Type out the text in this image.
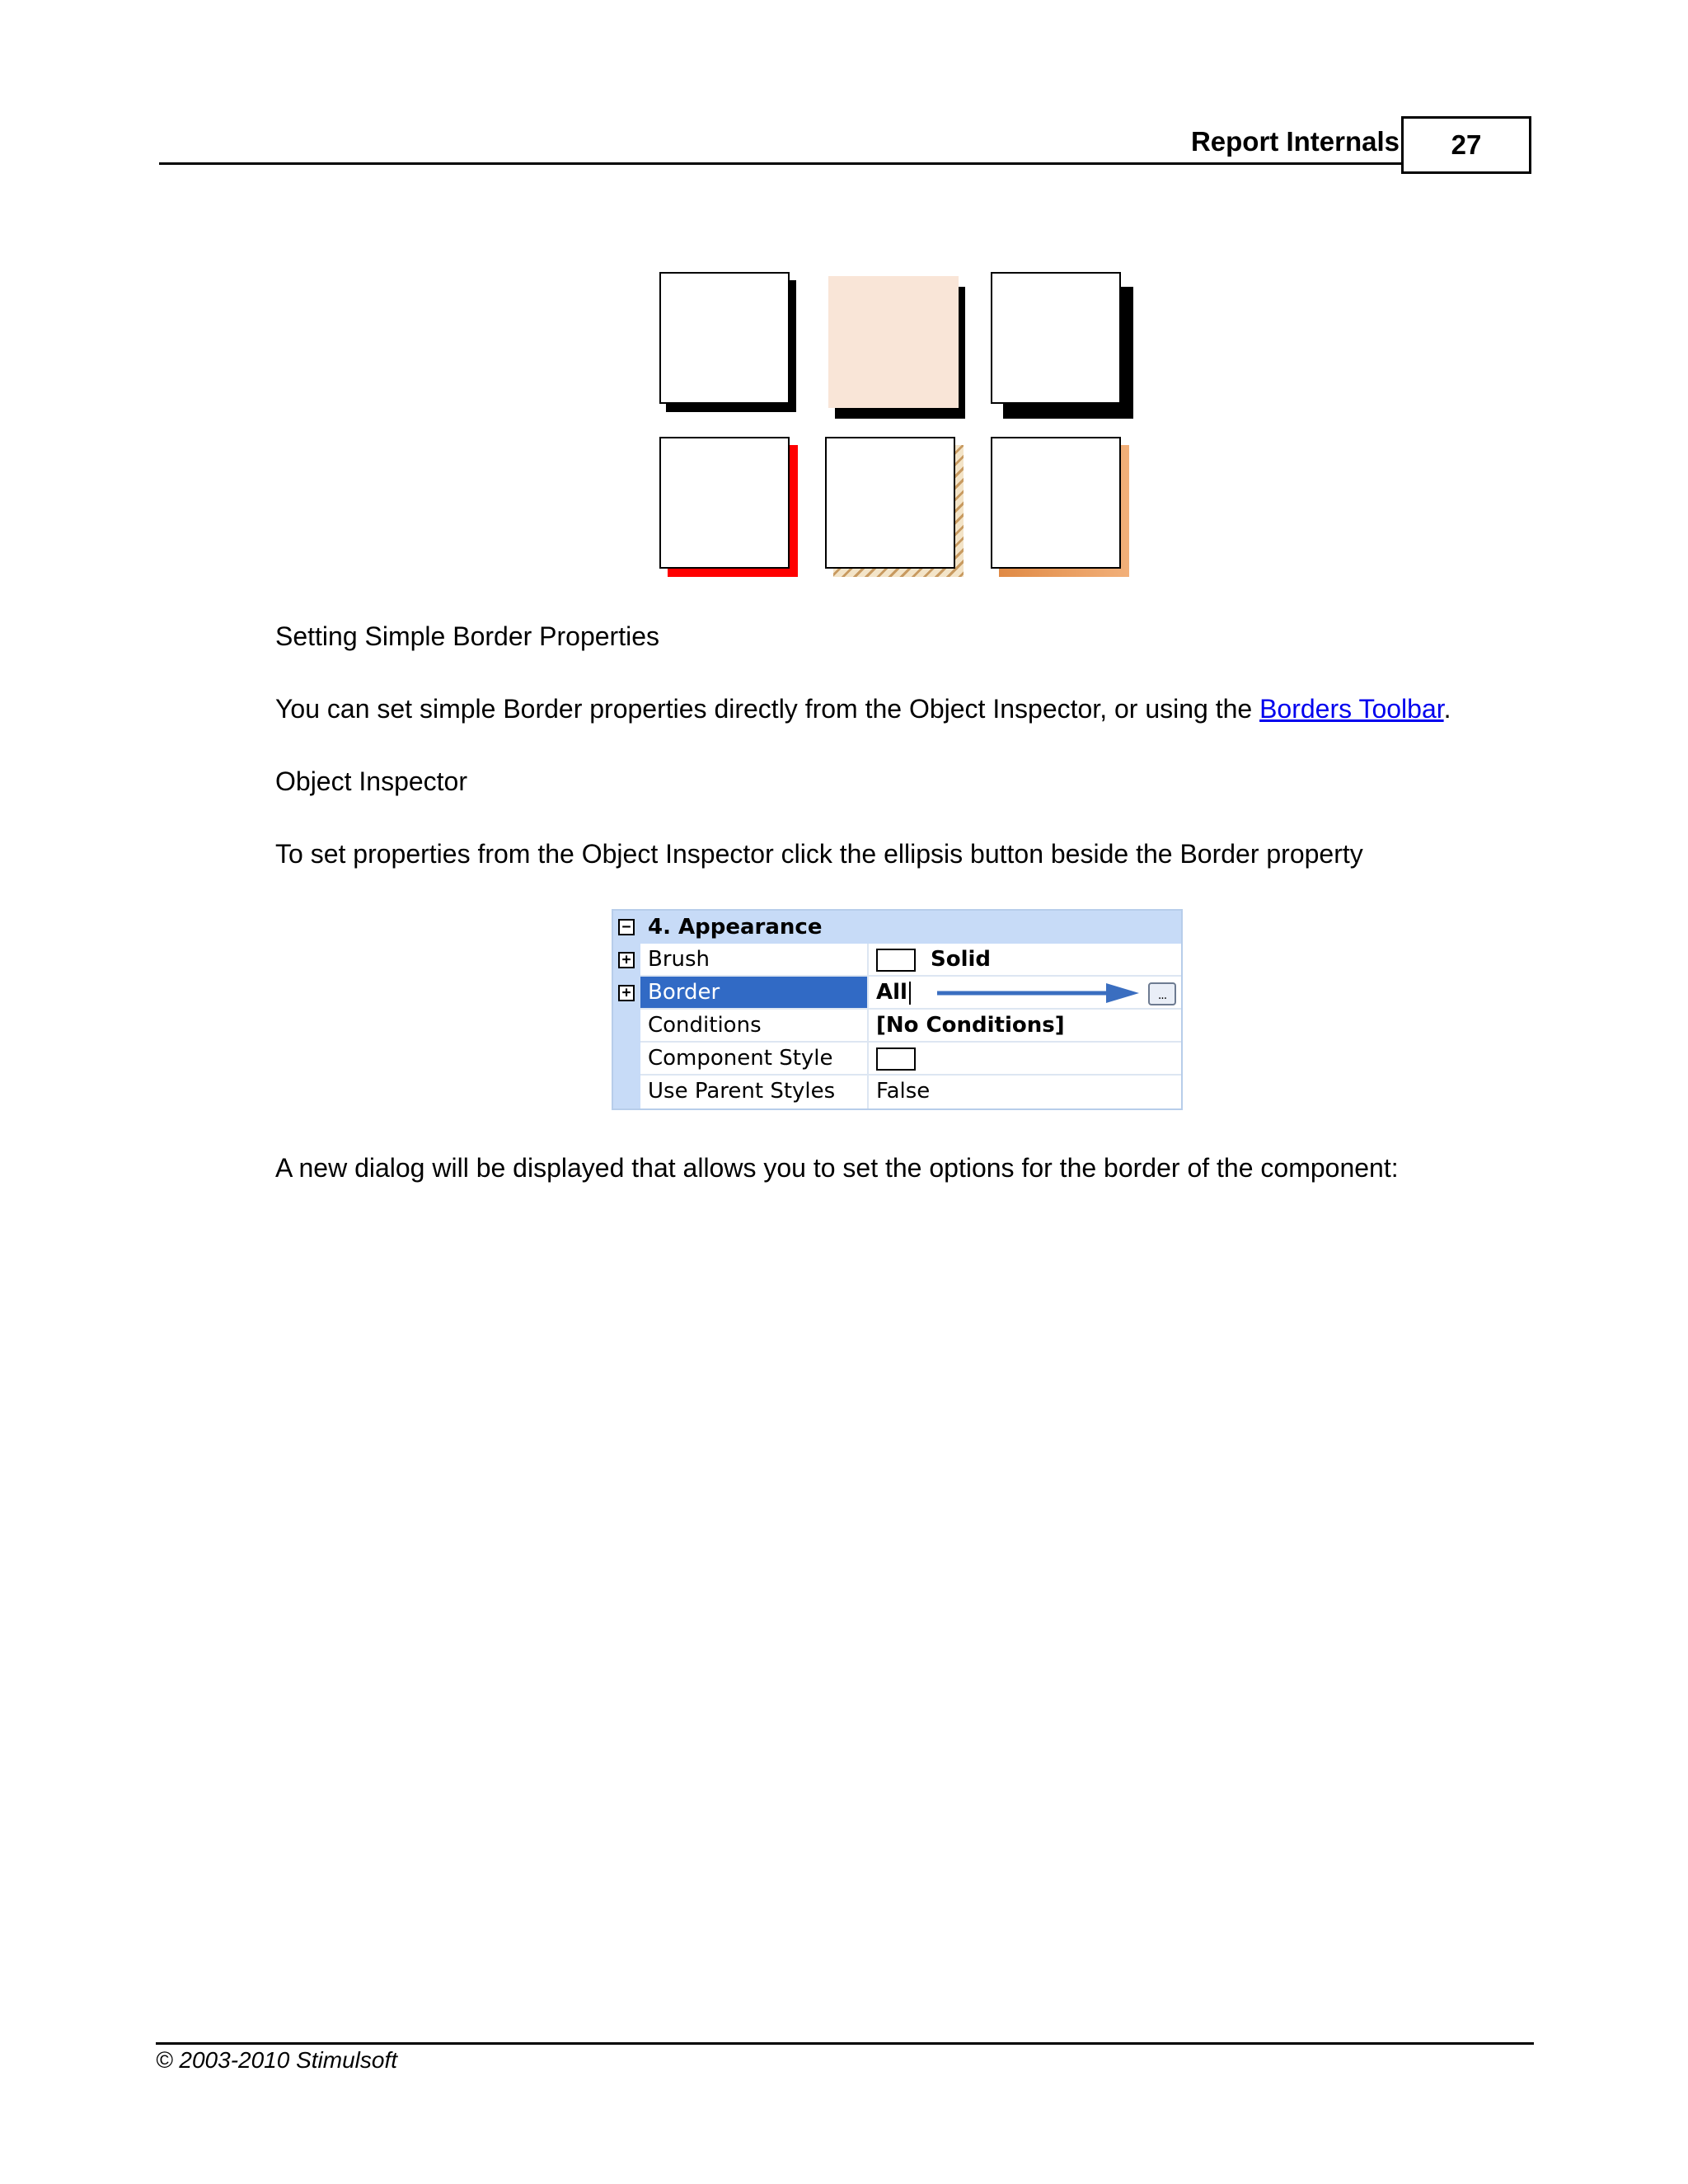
Report Internals	27
Setting Simple Border Properties
You can set simple Border properties directly from the Object Inspector, or using the Borders Toolbar.
Object Inspector
To set properties from the Object Inspector click the ellipsis button beside the Border property
− 4. Appearance
+ Brush	Solid
+ Border	All	...
Conditions	[No Conditions]
Component Style
Use Parent Styles	False
A new dialog will be displayed that allows you to set the options for the border of the component:
© 2003-2010 Stimulsoft
